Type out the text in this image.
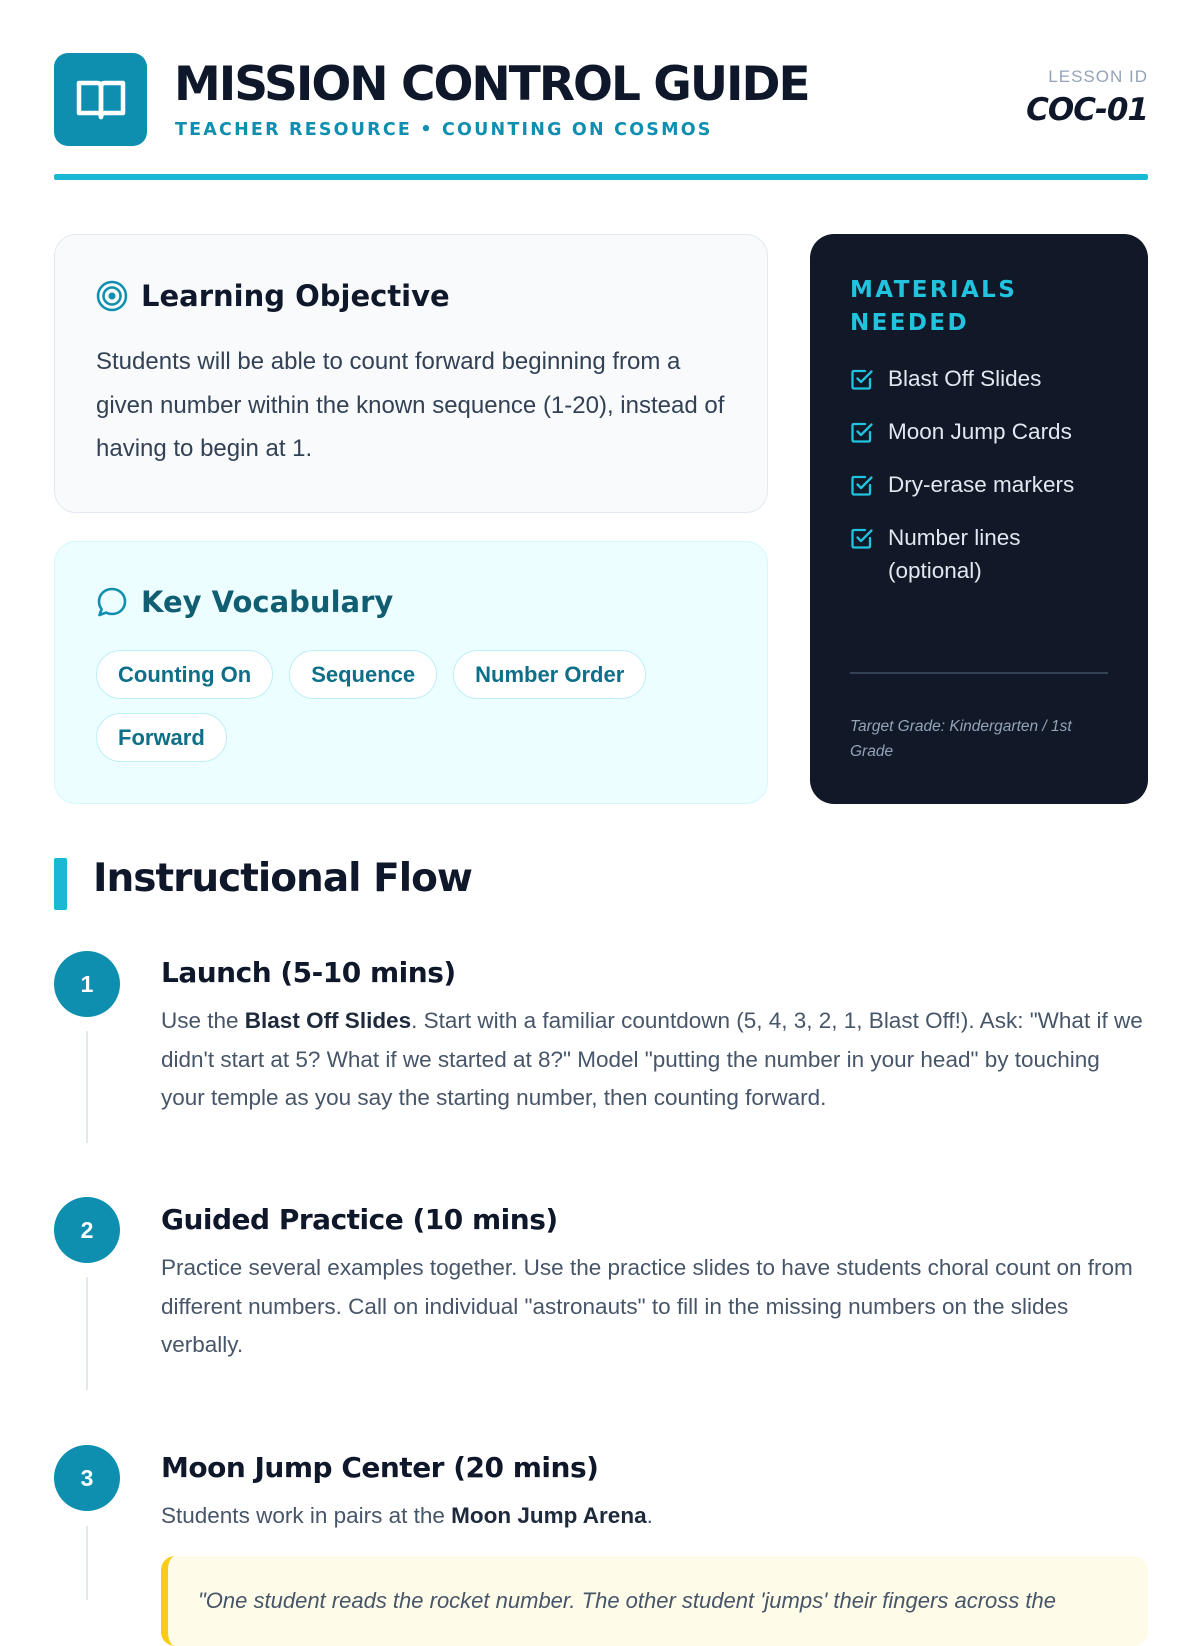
MISSION CONTROL GUIDE
TEACHER RESOURCE • COUNTING ON COSMOS
LESSON ID
COC-01
Learning Objective
Students will be able to count forward beginning from a given number within the known sequence (1-20), instead of having to begin at 1.
Key Vocabulary
Counting On	Sequence	Number Order
Forward
MATERIALS NEEDED
Blast Off Slides
Moon Jump Cards
Dry-erase markers
Number lines (optional)
Target Grade: Kindergarten / 1st Grade
Instructional Flow
1	Launch (5-10 mins)
Use the Blast Off Slides. Start with a familiar countdown (5, 4, 3, 2, 1, Blast Off!). Ask: "What if we didn't start at 5? What if we started at 8?" Model "putting the number in your head" by touching your temple as you say the starting number, then counting forward.
2	Guided Practice (10 mins)
Practice several examples together. Use the practice slides to have students choral count on from different numbers. Call on individual "astronauts" to fill in the missing numbers on the slides verbally.
3	Moon Jump Center (20 mins)
Students work in pairs at the Moon Jump Arena.
"One student reads the rocket number. The other student 'jumps' their fingers across the
